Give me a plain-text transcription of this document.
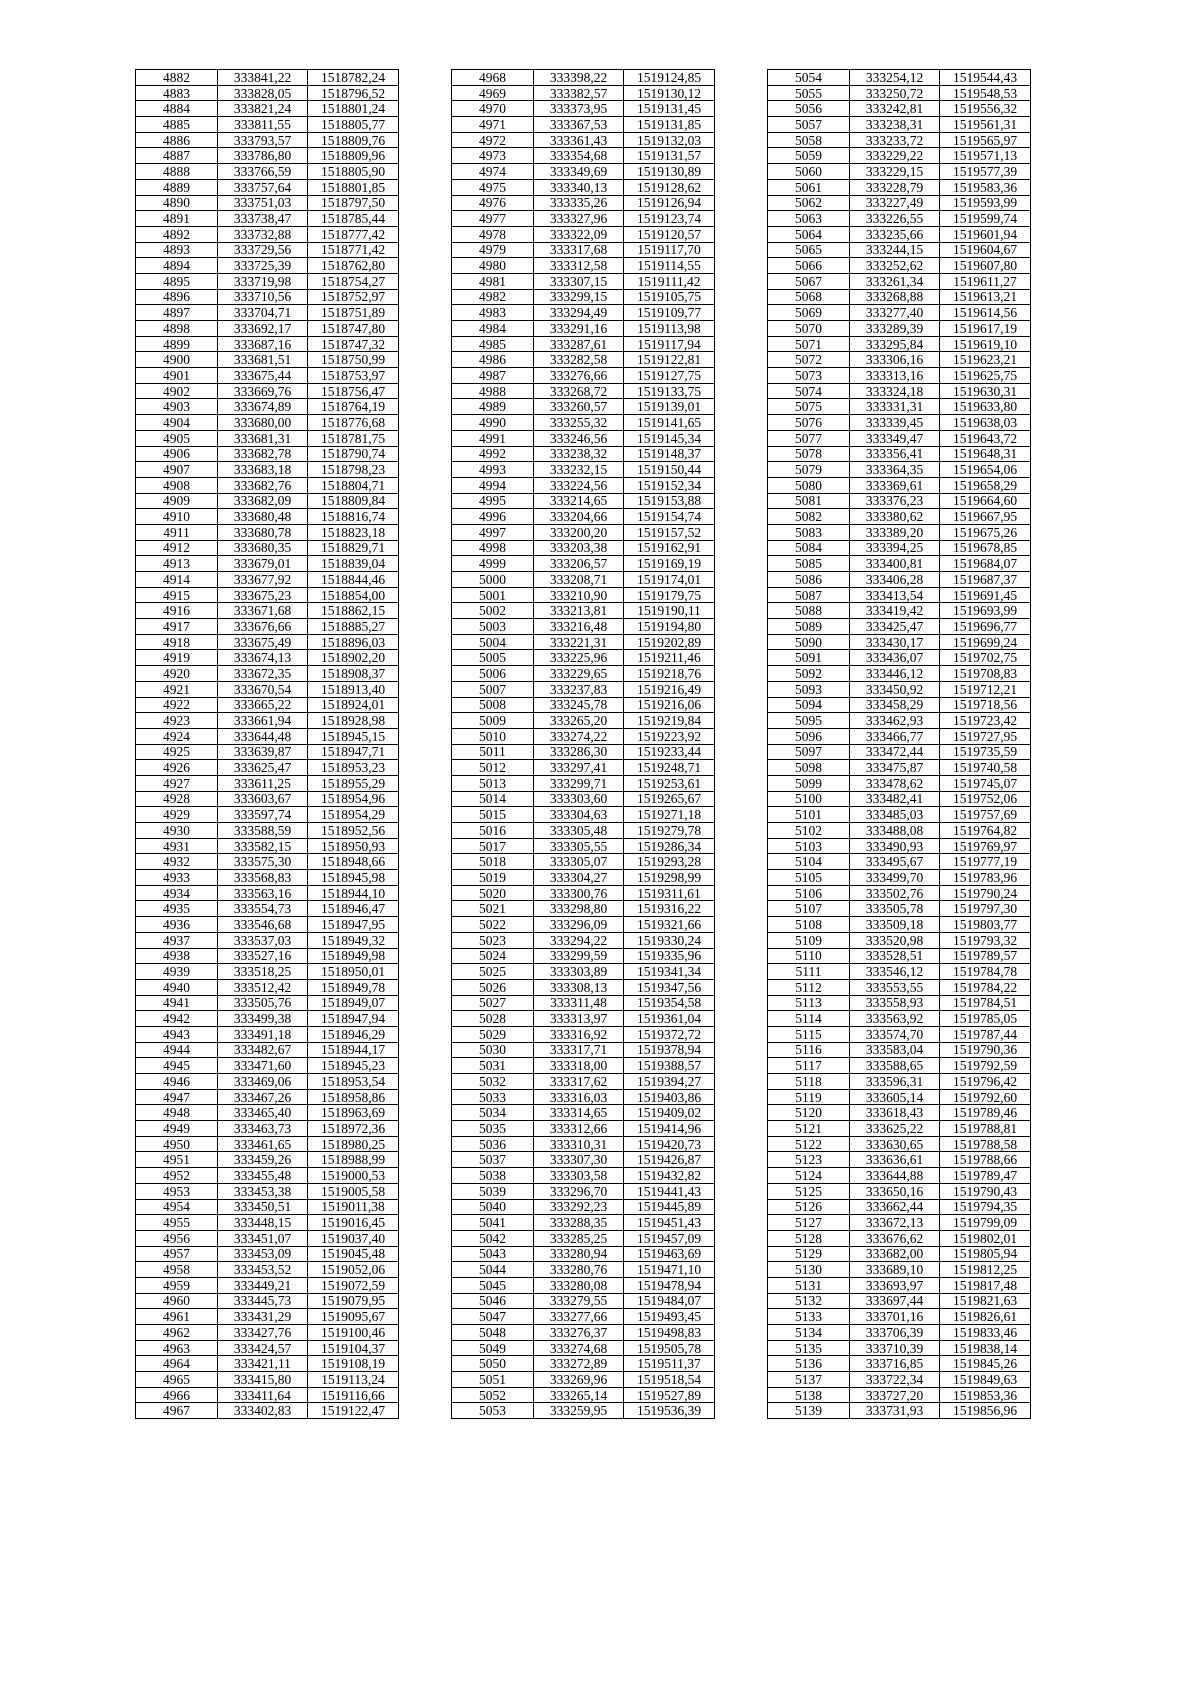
4882	333841,22	1518782,24
4883	333828,05	1518796,52
4884	333821,24	1518801,24
4885	333811,55	1518805,77
4886	333793,57	1518809,76
4887	333786,80	1518809,96
4888	333766,59	1518805,90
4889	333757,64	1518801,85
4890	333751,03	1518797,50
4891	333738,47	1518785,44
4892	333732,88	1518777,42
4893	333729,56	1518771,42
4894	333725,39	1518762,80
4895	333719,98	1518754,27
4896	333710,56	1518752,97
4897	333704,71	1518751,89
4898	333692,17	1518747,80
4899	333687,16	1518747,32
4900	333681,51	1518750,99
4901	333675,44	1518753,97
4902	333669,76	1518756,47
4903	333674,89	1518764,19
4904	333680,00	1518776,68
4905	333681,31	1518781,75
4906	333682,78	1518790,74
4907	333683,18	1518798,23
4908	333682,76	1518804,71
4909	333682,09	1518809,84
4910	333680,48	1518816,74
4911	333680,78	1518823,18
4912	333680,35	1518829,71
4913	333679,01	1518839,04
4914	333677,92	1518844,46
4915	333675,23	1518854,00
4916	333671,68	1518862,15
4917	333676,66	1518885,27
4918	333675,49	1518896,03
4919	333674,13	1518902,20
4920	333672,35	1518908,37
4921	333670,54	1518913,40
4922	333665,22	1518924,01
4923	333661,94	1518928,98
4924	333644,48	1518945,15
4925	333639,87	1518947,71
4926	333625,47	1518953,23
4927	333611,25	1518955,29
4928	333603,67	1518954,96
4929	333597,74	1518954,29
4930	333588,59	1518952,56
4931	333582,15	1518950,93
4932	333575,30	1518948,66
4933	333568,83	1518945,98
4934	333563,16	1518944,10
4935	333554,73	1518946,47
4936	333546,68	1518947,95
4937	333537,03	1518949,32
4938	333527,16	1518949,98
4939	333518,25	1518950,01
4940	333512,42	1518949,78
4941	333505,76	1518949,07
4942	333499,38	1518947,94
4943	333491,18	1518946,29
4944	333482,67	1518944,17
4945	333471,60	1518945,23
4946	333469,06	1518953,54
4947	333467,26	1518958,86
4948	333465,40	1518963,69
4949	333463,73	1518972,36
4950	333461,65	1518980,25
4951	333459,26	1518988,99
4952	333455,48	1519000,53
4953	333453,38	1519005,58
4954	333450,51	1519011,38
4955	333448,15	1519016,45
4956	333451,07	1519037,40
4957	333453,09	1519045,48
4958	333453,52	1519052,06
4959	333449,21	1519072,59
4960	333445,73	1519079,95
4961	333431,29	1519095,67
4962	333427,76	1519100,46
4963	333424,57	1519104,37
4964	333421,11	1519108,19
4965	333415,80	1519113,24
4966	333411,64	1519116,66
4967	333402,83	1519122,47
4968	333398,22	1519124,85
4969	333382,57	1519130,12
4970	333373,95	1519131,45
4971	333367,53	1519131,85
4972	333361,43	1519132,03
4973	333354,68	1519131,57
4974	333349,69	1519130,89
4975	333340,13	1519128,62
4976	333335,26	1519126,94
4977	333327,96	1519123,74
4978	333322,09	1519120,57
4979	333317,68	1519117,70
4980	333312,58	1519114,55
4981	333307,15	1519111,42
4982	333299,15	1519105,75
4983	333294,49	1519109,77
4984	333291,16	1519113,98
4985	333287,61	1519117,94
4986	333282,58	1519122,81
4987	333276,66	1519127,75
4988	333268,72	1519133,75
4989	333260,57	1519139,01
4990	333255,32	1519141,65
4991	333246,56	1519145,34
4992	333238,32	1519148,37
4993	333232,15	1519150,44
4994	333224,56	1519152,34
4995	333214,65	1519153,88
4996	333204,66	1519154,74
4997	333200,20	1519157,52
4998	333203,38	1519162,91
4999	333206,57	1519169,19
5000	333208,71	1519174,01
5001	333210,90	1519179,75
5002	333213,81	1519190,11
5003	333216,48	1519194,80
5004	333221,31	1519202,89
5005	333225,96	1519211,46
5006	333229,65	1519218,76
5007	333237,83	1519216,49
5008	333245,78	1519216,06
5009	333265,20	1519219,84
5010	333274,22	1519223,92
5011	333286,30	1519233,44
5012	333297,41	1519248,71
5013	333299,71	1519253,61
5014	333303,60	1519265,67
5015	333304,63	1519271,18
5016	333305,48	1519279,78
5017	333305,55	1519286,34
5018	333305,07	1519293,28
5019	333304,27	1519298,99
5020	333300,76	1519311,61
5021	333298,80	1519316,22
5022	333296,09	1519321,66
5023	333294,22	1519330,24
5024	333299,59	1519335,96
5025	333303,89	1519341,34
5026	333308,13	1519347,56
5027	333311,48	1519354,58
5028	333313,97	1519361,04
5029	333316,92	1519372,72
5030	333317,71	1519378,94
5031	333318,00	1519388,57
5032	333317,62	1519394,27
5033	333316,03	1519403,86
5034	333314,65	1519409,02
5035	333312,66	1519414,96
5036	333310,31	1519420,73
5037	333307,30	1519426,87
5038	333303,58	1519432,82
5039	333296,70	1519441,43
5040	333292,23	1519445,89
5041	333288,35	1519451,43
5042	333285,25	1519457,09
5043	333280,94	1519463,69
5044	333280,76	1519471,10
5045	333280,08	1519478,94
5046	333279,55	1519484,07
5047	333277,66	1519493,45
5048	333276,37	1519498,83
5049	333274,68	1519505,78
5050	333272,89	1519511,37
5051	333269,96	1519518,54
5052	333265,14	1519527,89
5053	333259,95	1519536,39
5054	333254,12	1519544,43
5055	333250,72	1519548,53
5056	333242,81	1519556,32
5057	333238,31	1519561,31
5058	333233,72	1519565,97
5059	333229,22	1519571,13
5060	333229,15	1519577,39
5061	333228,79	1519583,36
5062	333227,49	1519593,99
5063	333226,55	1519599,74
5064	333235,66	1519601,94
5065	333244,15	1519604,67
5066	333252,62	1519607,80
5067	333261,34	1519611,27
5068	333268,88	1519613,21
5069	333277,40	1519614,56
5070	333289,39	1519617,19
5071	333295,84	1519619,10
5072	333306,16	1519623,21
5073	333313,16	1519625,75
5074	333324,18	1519630,31
5075	333331,31	1519633,80
5076	333339,45	1519638,03
5077	333349,47	1519643,72
5078	333356,41	1519648,31
5079	333364,35	1519654,06
5080	333369,61	1519658,29
5081	333376,23	1519664,60
5082	333380,62	1519667,95
5083	333389,20	1519675,26
5084	333394,25	1519678,85
5085	333400,81	1519684,07
5086	333406,28	1519687,37
5087	333413,54	1519691,45
5088	333419,42	1519693,99
5089	333425,47	1519696,77
5090	333430,17	1519699,24
5091	333436,07	1519702,75
5092	333446,12	1519708,83
5093	333450,92	1519712,21
5094	333458,29	1519718,56
5095	333462,93	1519723,42
5096	333466,77	1519727,95
5097	333472,44	1519735,59
5098	333475,87	1519740,58
5099	333478,62	1519745,07
5100	333482,41	1519752,06
5101	333485,03	1519757,69
5102	333488,08	1519764,82
5103	333490,93	1519769,97
5104	333495,67	1519777,19
5105	333499,70	1519783,96
5106	333502,76	1519790,24
5107	333505,78	1519797,30
5108	333509,18	1519803,77
5109	333520,98	1519793,32
5110	333528,51	1519789,57
5111	333546,12	1519784,78
5112	333553,55	1519784,22
5113	333558,93	1519784,51
5114	333563,92	1519785,05
5115	333574,70	1519787,44
5116	333583,04	1519790,36
5117	333588,65	1519792,59
5118	333596,31	1519796,42
5119	333605,14	1519792,60
5120	333618,43	1519789,46
5121	333625,22	1519788,81
5122	333630,65	1519788,58
5123	333636,61	1519788,66
5124	333644,88	1519789,47
5125	333650,16	1519790,43
5126	333662,44	1519794,35
5127	333672,13	1519799,09
5128	333676,62	1519802,01
5129	333682,00	1519805,94
5130	333689,10	1519812,25
5131	333693,97	1519817,48
5132	333697,44	1519821,63
5133	333701,16	1519826,61
5134	333706,39	1519833,46
5135	333710,39	1519838,14
5136	333716,85	1519845,26
5137	333722,34	1519849,63
5138	333727,20	1519853,36
5139	333731,93	1519856,96
